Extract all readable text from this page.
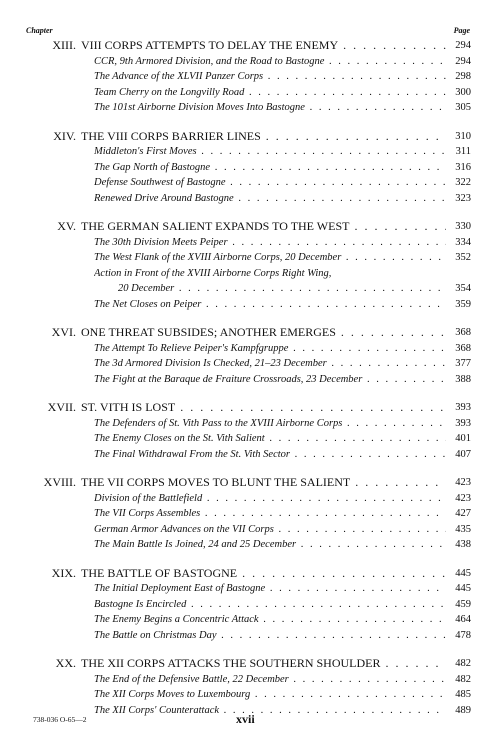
Chapter	Page
XIII. VIII CORPS ATTEMPTS TO DELAY THE ENEMY . . .	294
CCR, 9th Armored Division, and the Road to Bastogne . . .	294
The Advance of the XLVII Panzer Corps . . .	298
Team Cherry on the Longvilly Road . . .	300
The 101st Airborne Division Moves Into Bastogne . . .	305
XIV. THE VIII CORPS BARRIER LINES . . .	310
Middleton's First Moves . . .	311
The Gap North of Bastogne . . .	316
Defense Southwest of Bastogne . . .	322
Renewed Drive Around Bastogne . . .	323
XV. THE GERMAN SALIENT EXPANDS TO THE WEST . . .	330
The 30th Division Meets Peiper . . .	334
The West Flank of the XVIII Airborne Corps, 20 December . . .	352
Action in Front of the XVIII Airborne Corps Right Wing,
20 December . . .	354
The Net Closes on Peiper . . .	359
XVI. ONE THREAT SUBSIDES; ANOTHER EMERGES . . .	368
The Attempt To Relieve Peiper's Kampfgruppe . . .	368
The 3d Armored Division Is Checked, 21–23 December . . .	377
The Fight at the Baraque de Fraiture Crossroads, 23 December . . .	388
XVII. ST. VITH IS LOST . . .	393
The Defenders of St. Vith Pass to the XVIII Airborne Corps . . .	393
The Enemy Closes on the St. Vith Salient . . .	401
The Final Withdrawal From the St. Vith Sector . . .	407
XVIII. THE VII CORPS MOVES TO BLUNT THE SALIENT . . .	423
Division of the Battlefield . . .	423
The VII Corps Assembles . . .	427
German Armor Advances on the VII Corps . . .	435
The Main Battle Is Joined, 24 and 25 December . . .	438
XIX. THE BATTLE OF BASTOGNE . . .	445
The Initial Deployment East of Bastogne . . .	445
Bastogne Is Encircled . . .	459
The Enemy Begins a Concentric Attack . . .	464
The Battle on Christmas Day . . .	478
XX. THE XII CORPS ATTACKS THE SOUTHERN SHOULDER . . .	482
The End of the Defensive Battle, 22 December . . .	482
The XII Corps Moves to Luxembourg . . .	485
The XII Corps' Counterattack . . .	489
738-036 O-65—2	xvii
